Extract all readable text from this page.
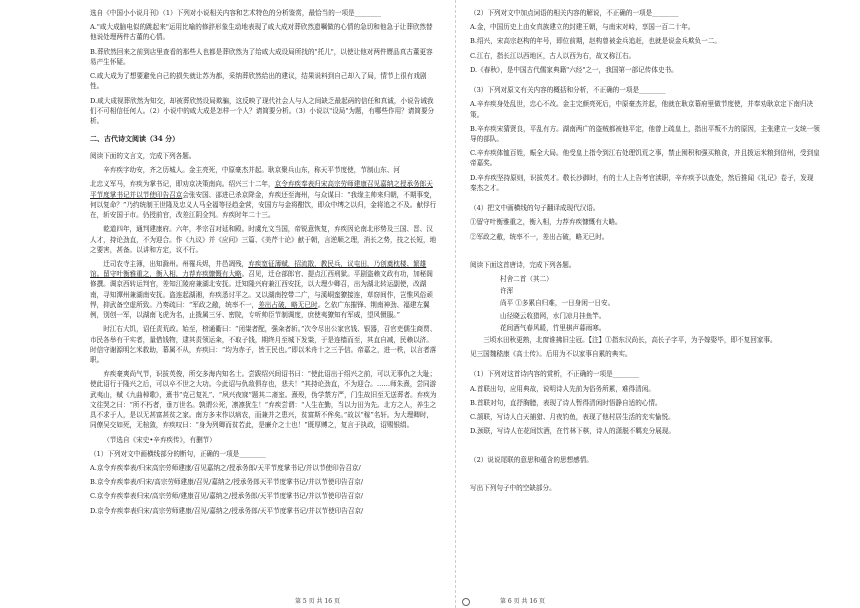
选自《中国小小说月刊》（1）下列对小说相关内容和艺术特色的分析鉴赏，最恰当的一项是________

A."咸大成脑电似的跳起来"运用比喻的修辞形象生动地表现了咸大成对葬欣然遗嘱做的心情的急切和他急于让葬欣然替他说处理两件古董的心情。

B.葬欣然回来之前到店里查看的那些人也都是葬欣然为了给咸大成设局所找的"托儿"，以使让他对两件赝品真古董更容易产生怀疑。

C.咸大成为了想要避免自己的损失就让苏为都，采纳葬欣然给出的建议，结果说料到自己却入了局，情节上很有戏剧性。

D.咸大成视葬欣然为知交，却被葬欣然设局欺骗，这反映了现代社会人与人之间缺乏最起码的信任和真诚，小说告诫我们不可相信任何人。（2）小说中的咸大成是怎样一个人？请简要分析。（3）小说以"设局"为题，有哪些作用？请简要分析。

二、古代诗文阅读（34 分）

阅读下面的文言文，完成下列各题。

辛弃疾字幼安，齐之历城人。金主亮死，中原豪杰并起。耿京聚兵山东，称天平节度使，节制山东、河

北忠义军马，弃疾为掌书记，即劝京决策南向。绍兴三十二年，京令弃疾奉表归宋高宗劳师建康召见嘉纳之授承务郎天平节度掌书记并以节使印告召京会张安国、邵进已杀京降金，弃疾还至海州，与众谋曰：“我缘主帅来归朝，不期事变，何以复命？”乃约统制王世隆及忠义人马全福等径趋金营，安国方与金将酣饮，即众中缚之以归，金将追之不及。献俘行在，斩安国于市。仍授前官，改差江阴佥判。弃疾时年二十三。

乾道四年，通判建康府。六年，孝宗召对延和殿。时虞允文当国，帝锐意恢复，弃疾因论南北形势及三国、晋、汉人才，持论劲直，不为迎合。作《九议》并《应问》三篇、《美芹十论》献于朝，言逆顺之理，消长之势，技之长短，地之要害，甚备。以讲和方定，议不行。

迁司农寺主簿，出知滁州。州罹兵烬，井邑凋残，弃疾宽征薄赋，招流散，教民兵，议屯田，乃创奠枕楼、繁雄馆。留守叶衡雅重之，衡入相，力荐弃疾慷慨有大略。召见，迁仓部郎官、提点江西刑狱。平剧盗赖文政有功，加秘阁修撰。调京西转运判官，差知江陵府兼湖北安抚。迁知隆兴府兼江西安抚，以大理少卿召，出为湖北转运副使，改湖南，寻知潭州兼湖南安抚。盗连起湖湘，弃疾悉讨平之。又以湖南控带二广，与溪峒蛮獠接连，草窃间作，岂惟风俗顽悍，抑武备空虚所致。乃奏疏曰：“军政之敝，统率不一，差出占破，略无已时。乞依广东摧锋、荆南神劲、福建左翼例，别创一军，以湖南飞虎为名，止拨属三牙、密院，专听帅臣节制调度，庶使夷獠知有军威，望风慑服。”

时江右大饥，诏任责荒政。始至，榜通衢曰：“闭粜者配，强籴者斩。”次令尽出公家官钱、银器，召官吏儒生商贾、市民各举有干实者，量借钱物，逮其责领运籴，不取子钱，期终月至城下发粜，于是连樯而至，其直自减，民赖以济。时信守谢源明乞米救助，幕属不从，弃疾曰：“均为赤子，皆王民也。”即以米舟十之三予信。帝嘉之，进一秩，以言者落职。

弃疾豪爽尚气节，识拔英俊，所交多海内知名士。尝跋绍兴间诏书曰：“使此诏出于绍兴之前，可以无事仇之大耻；使此诏行于隆兴之后，可以卒不世之大功。今此诏与仇敌俱存也，悲夫！”其持论劲直，不为迎合。……师朱熹，尝同游武夷山，赋《九曲棹歌》，熹书“克己复礼”、“夙兴夜寐”题其二斋室。熹殁，伪学禁方严，门生故旧至无送葬者。弃疾为文往哭之曰：“所不朽者，垂万世名。孰谓公死，凛凛犹生！”弃疾尝谓：“人生在勤，当以力田为先。北方之人，养生之具不求于人，是以无甚富甚贫之家。南方多末作以病农，而兼并之患兴，贫富斯不侔矣。”故以“稼”名轩。为大理卿时，同僚吴交如死，无棺敛，弃疾叹曰：“身为列卿而贫若此，是廉介之士也！”既厚赙之，复言于执政，诏赐银绢。

（节选自《宋史•辛弃疾传》，有删节）

（1）下列对文中画横线部分的断句，正确的一项是________

A.京令弃疾奉表/归宋高宗劳师建康/召见嘉纳之/授承务郎/天平节度掌书记/并以节使印告召京/

B.京令弃疾奉表/归宋/高宗劳师建康/召见/嘉纳之/授承务郎天平节度掌书记/并以节使印告召京/

C.京令弃疾奉表归宋/高宗劳师/建康召见/嘉纳之/授承务郎/天平节度掌书记/并以节使印告召京/

D.京令弃疾奉表归宋/高宗劳师建康/召见/嘉纳之/授承务郎/天平节度掌书记/并以节使印告召京/

（2）下列对文中加点词语的相关内容的解说，不正确的一项是________

A.金，中国历史上由女真族建立的封建王朝，与南宋对峙，享国一百二十年。

B.绍兴，宋高宗赵构的年号，即位前期，赵构曾被金兵追赶，也就是说金兵欺负一二。

C.江右，指长江以西地区，古人以西为右，故又称江右。

D.《春秋》，是中国古代儒家典籍"六经"之一，我国第一部记传体史书。

（3）下列对原文有关内容的概括和分析，不正确的一项是________

A.辛弃疾身处乱世，忠心不改。金主完颜亮死后，中原豪杰并起，他就在耿京幕府里做节度使，并奉劝耿京定下南归决策。

B.辛弃疾宋猜贤良，平乱有方。湖南两广的盗贼都被他平定，他曾上疏皇上，指出平叛不力的原因，主张建立一支统一领导的部队。

C.辛弃疾体恤百姓，赈全大局。他受皇上指令到江右处理饥荒之事，禁止囤积和强买粮食，并且拨运米粮到信州，受到皇帝嘉奖。

D.辛弃疾坚持原则，识拔英才。敬长沙御时，有的士人上告考官渎职，辛弃疾予以查处，然后推闻《礼记》卷子，发现秦杰之才。

（4）把文中画横线的句子翻译成现代汉语。

①留守叶衡雅重之，衡入相，力荐弃疾慷慨有大略。

②军政之敝，统率不一，差出占破，略无已时。

阅读下面这首唐诗，完成下列各题。

村舍二首（其二）

许浑

尚平 ①多累自归难，一日身闲一日安。

山径晓云收猎网，水门凉月挂鱼竿。

花间酒气春风暖，竹里棋声暮雨寒。

三顷水田秋更熟，北窗谁拂旧尘冠。【注】①指东汉尚长，高长子字平，为予嫁娶毕，即不复回家事。

见三国魏嵇康《高士传》。后用为不以家事自累的典实。

（1）下列对这首诗内容的赏析，不正确的一项是________

A.首联出句，应用典故，说明诗人先前为俗务所累，难得清闲。

B.首联对句，直抒胸臆，表现了诗人暂得清闲时悟静自适的心情。

C.颔联，写诗人白天捕猎、月夜钓鱼，表现了他村居生活的充实愉悦。

D.颈联，写诗人在花间饮酒，在竹林下棋，诗人的潇脱不羁充分展现。

（2）说说尾联的意思和蕴含的思想感情。

写出下列句子中的空缺部分。

第 5 页 共 16 页	第 6 页 共 16 页
